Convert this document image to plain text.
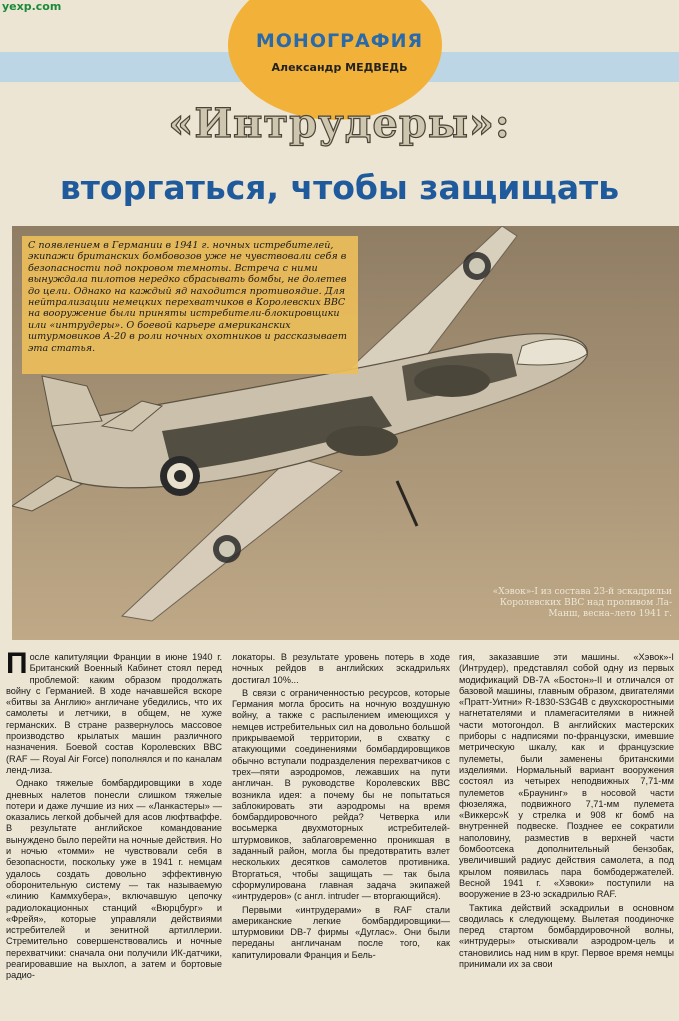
yexp.com
МОНОГРАФИЯ
Александр МЕДВЕДЬ
«Интрудеры»:
вторгаться, чтобы защищать
С появлением в Германии в 1941 г. ночных истребителей, экипажи британских бомбовозов уже не чувствовали себя в безопасности под покровом темноты. Встреча с ними вынуждала пилотов нередко сбрасывать бомбы, не долетев до цели. Однако на каждый яд находится противоядие. Для нейтрализации немецких перехватчиков в Королевских ВВС на вооружение были приняты истребители-блокировщики или «интрудеры». О боевой карьере американских штурмовиков А-20 в роли ночных охотников и рассказывает эта статья.
«Хэвок»-I из состава 23-й эскадрильи Королевских ВВС над проливом Ла-Манш, весна–лето 1941 г.

После капитуляции Франции в июне 1940 г. Британский Военный Кабинет стоял перед проблемой: каким образом продолжать войну с Германией. В ходе начавшейся вскоре «битвы за Англию» англичане убедились, что их самолеты и летчики, в общем, не хуже германских. В стране развернулось массовое производство крылатых машин различного назначения. Боевой состав Королевских ВВС (RAF — Royal Air Force) пополнялся и по каналам ленд-лиза.

Однако тяжелые бомбардировщики в ходе дневных налетов понесли слишком тяжелые потери и даже лучшие из них — «Ланкастеры» — оказались легкой добычей для асов люфтваффе. В результате английское командование вынуждено было перейти на ночные действия. Но и ночью «томми» не чувствовали себя в безопасности, поскольку уже в 1941 г. немцам удалось создать довольно эффективную оборонительную систему — так называемую «линию Каммхубера», включавшую цепочку радиолокационных станций «Вюрцбург» и «Фрейя», которые управляли действиями истребителей и зенитной артиллерии. Стремительно совершенствовались и ночные перехватчики: сначала они получили ИК-датчики, реагировавшие на выхлоп, а затем и бортовые радио-

локаторы. В результате уровень потерь в ходе ночных рейдов в английских эскадрильях достигал 10%...

В связи с ограниченностью ресурсов, которые Германия могла бросить на ночную воздушную войну, а также с распылением имеющихся у немцев истребительных сил на довольно большой прикрываемой территории, в схватку с атакующими соединениями бомбардировщиков обычно вступали подразделения перехватчиков с трех—пяти аэродромов, лежавших на пути англичан. В руководстве Королевских ВВС возникла идея: а почему бы не попытаться заблокировать эти аэродромы на время бомбардировочного рейда? Четверка или восьмерка двухмоторных истребителей-штурмовиков, заблаговременно проникшая в заданный район, могла бы предотвратить взлет нескольких десятков самолетов противника. Вторгаться, чтобы защищать — так была сформулирована главная задача экипажей «интрудеров» (с англ. intruder — вторгающийся).

Первыми «интрудерами» в RAF стали американские легкие бомбардировщики—штурмовики DB-7 фирмы «Дуглас». Они были переданы англичанам после того, как капитулировали Франция и Бель-

гия, заказавшие эти машины. «Хэвок»-I (Интрудер), представлял собой одну из первых модификаций DB-7A «Бостон»-II и отличался от базовой машины, главным образом, двигателями «Пратт-Уитни» R-1830-S3G4B с двухскоростными нагнетателями и пламегасителями в нижней части мотогондол. В английских мастерских приборы с надписями по-французски, имевшие метрическую шкалу, как и французские пулеметы, были заменены британскими изделиями. Нормальный вариант вооружения состоял из четырех неподвижных 7,71-мм пулеметов «Браунинг» в носовой части фюзеляжа, подвижного 7,71-мм пулемета «Виккерс»К у стрелка и 908 кг бомб на внутренней подвеске. Позднее ее сократили наполовину, разместив в верхней части бомбоотсека дополнительный бензобак, увеличивший радиус действия самолета, а под крылом появилась пара бомбодержателей. Весной 1941 г. «Хэвоки» поступили на вооружение в 23-ю эскадрилью RAF.

Тактика действий эскадрильи в основном сводилась к следующему. Вылетая поодиночке перед стартом бомбардировочной волны, «интрудеры» отыскивали аэродром-цель и становились над ним в круг. Первое время немцы принимали их за свои
